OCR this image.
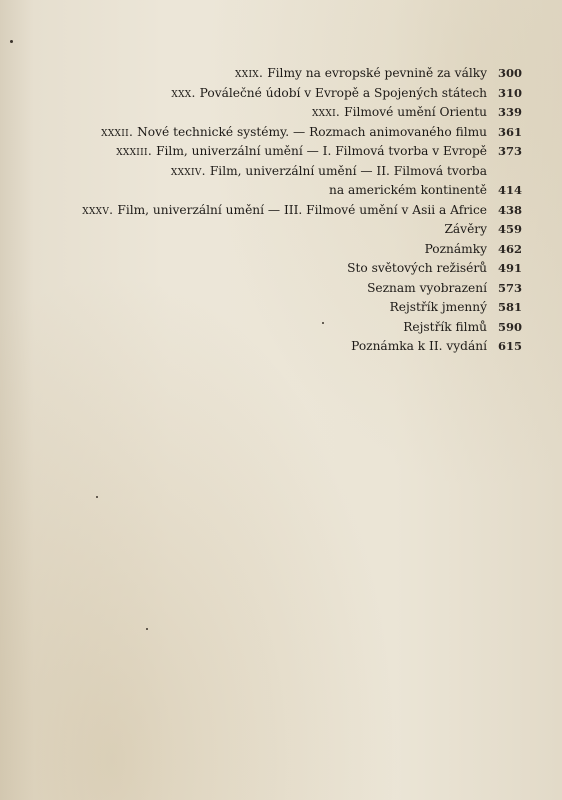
xxix. Filmy na evropské pevnině za války 300
xxx. Poválečné údobí v Evropě a Spojených státech 310
xxxi. Filmové umění Orientu 339
xxxii. Nové technické systémy. — Rozmach animovaného filmu 361
xxxiii. Film, univerzální umění — I. Filmová tvorba v Evropě 373
xxxiv. Film, univerzální umění — II. Filmová tvorba
na americkém kontinentě 414
xxxv. Film, univerzální umění — III. Filmové umění v Asii a Africe 438
Závěry 459
Poznámky 462
Sto světových režisérů 491
Seznam vyobrazení 573
Rejstřík jmenný 581
Rejstřík filmů 590
Poznámka k II. vydání 615
